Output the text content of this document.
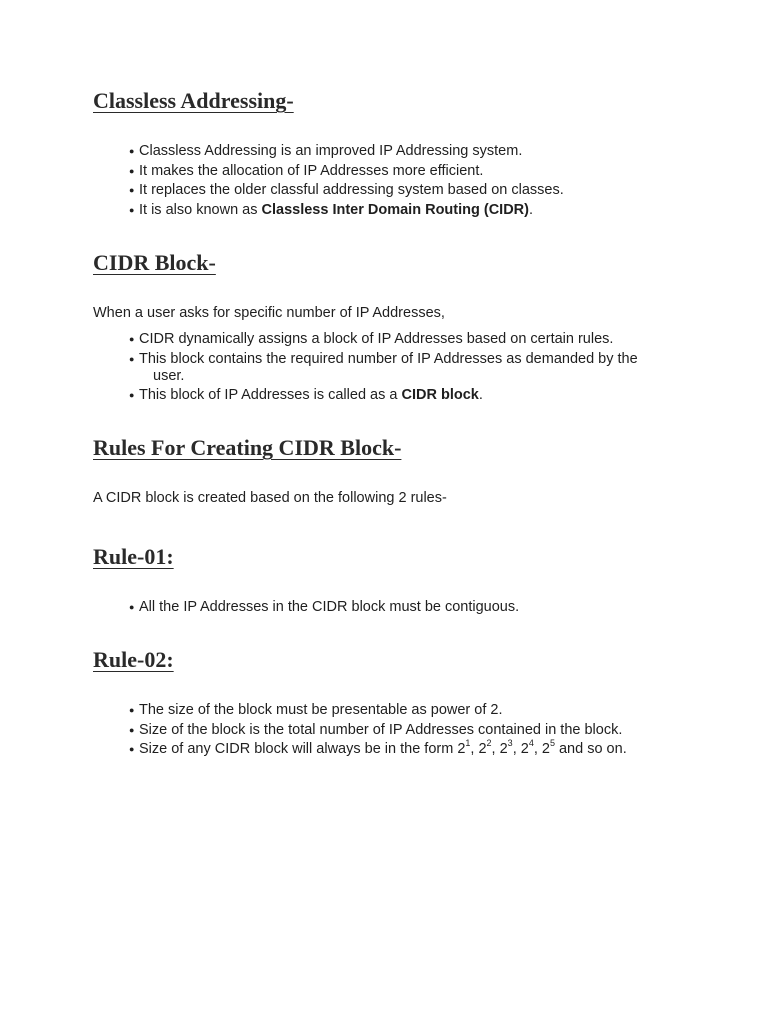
Classless Addressing-
● Classless Addressing is an improved IP Addressing system.
● It makes the allocation of IP Addresses more efficient.
● It replaces the older classful addressing system based on classes.
● It is also known as Classless Inter Domain Routing (CIDR).
CIDR Block-

When a user asks for specific number of IP Addresses,

● CIDR dynamically assigns a block of IP Addresses based on certain rules.
● This block contains the required number of IP Addresses as demanded by the
user.
● This block of IP Addresses is called as a CIDR block.
Rules For Creating CIDR Block-

A CIDR block is created based on the following 2 rules-

Rule-01:
● All the IP Addresses in the CIDR block must be contiguous.
Rule-02:
● The size of the block must be presentable as power of 2.
● Size of the block is the total number of IP Addresses contained in the block.
● Size of any CIDR block will always be in the form $2^1$, $2^2$, $2^3$, $2^4$, $2^5$ and so on.
